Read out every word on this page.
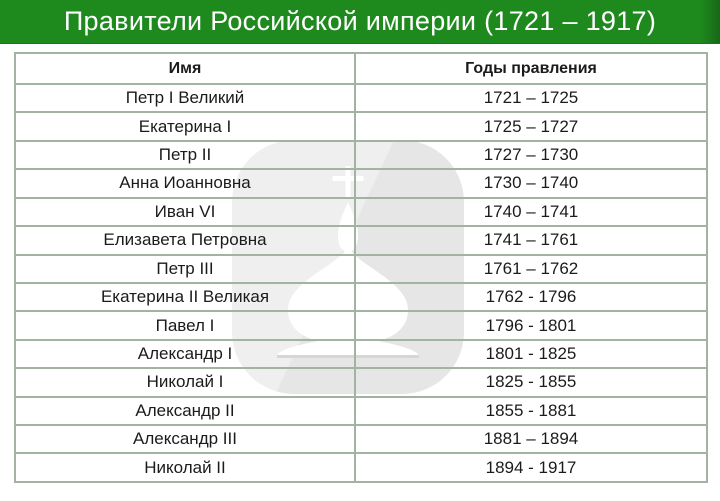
Правители Российской империи (1721 – 1917)
Имя	Годы правления
Петр I Великий	1721 – 1725
Екатерина I	1725 – 1727
Петр II	1727 – 1730
Анна Иоанновна	1730 – 1740
Иван VI	1740 – 1741
Елизавета Петровна	1741 – 1761
Петр III	1761 – 1762
Екатерина II Великая	1762 - 1796
Павел I	1796 - 1801
Александр I	1801 - 1825
Николай I	1825 - 1855
Александр II	1855 - 1881
Александр III	1881 – 1894
Николай II	1894 - 1917
